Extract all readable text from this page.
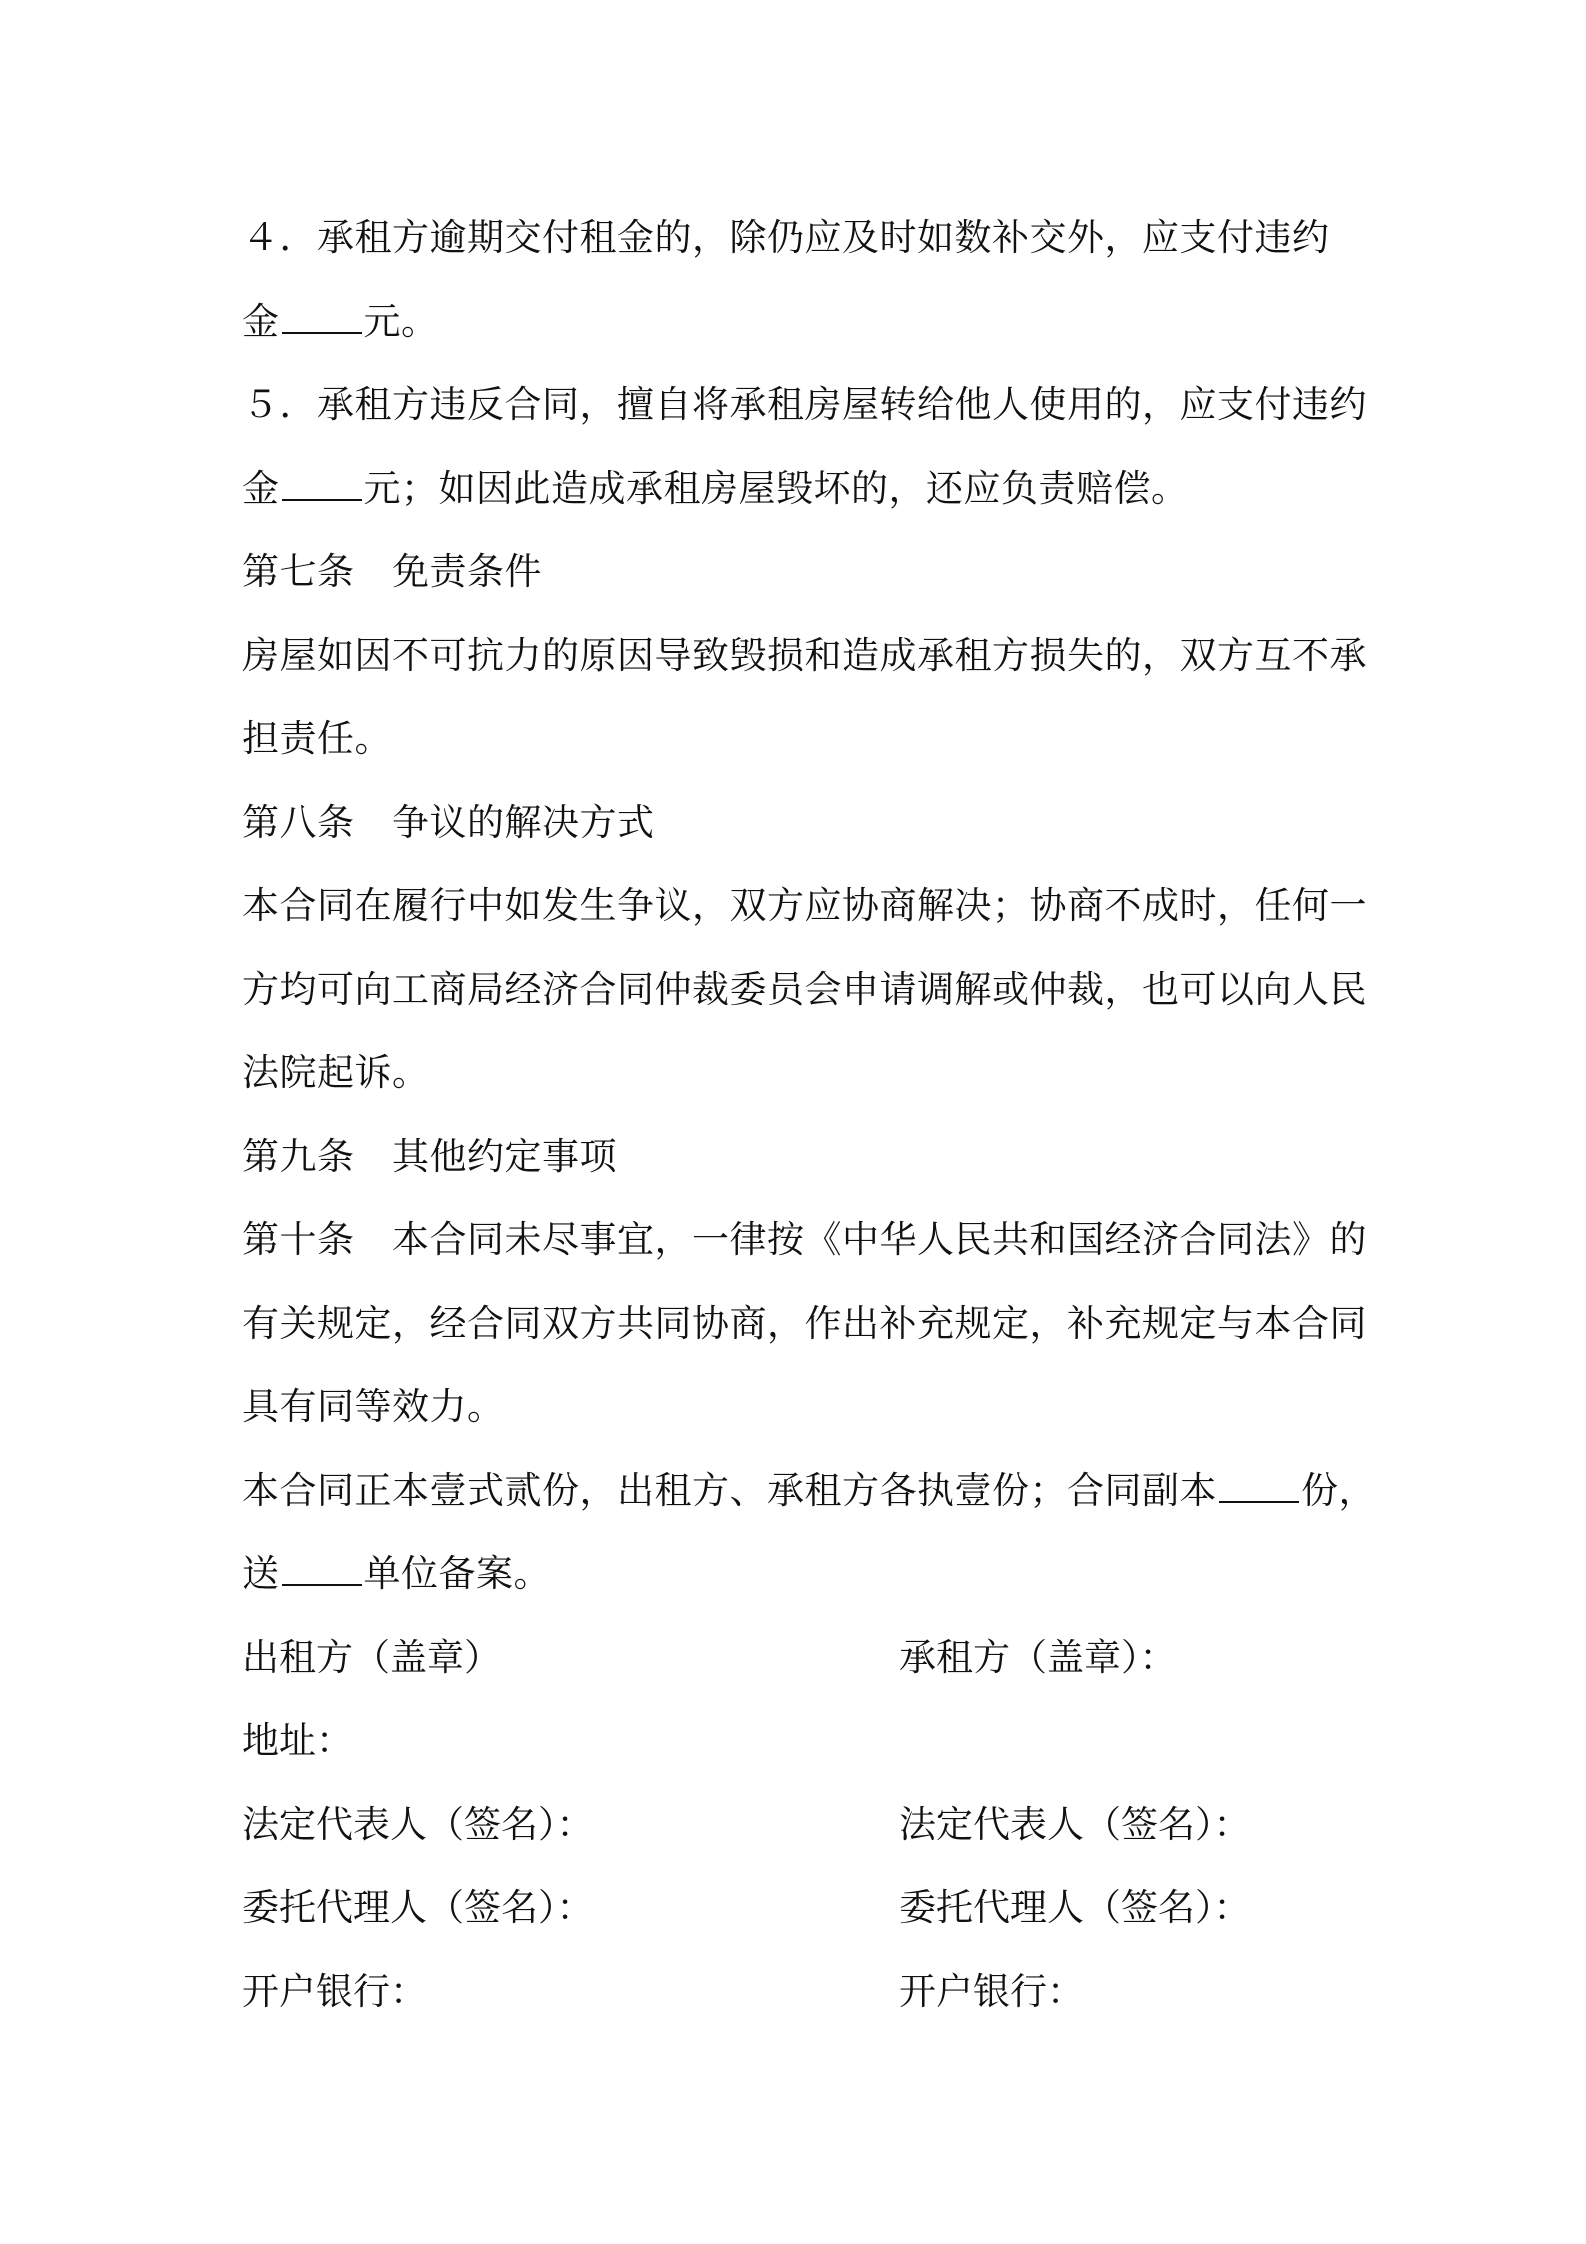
４．承租方逾期交付租金的，除仍应及时如数补交外，应支付违约
金 元。
５．承租方违反合同，擅自将承租房屋转给他人使用的，应支付违约
金 元；如因此造成承租房屋毁坏的，还应负责赔偿。
第七条　免责条件
房屋如因不可抗力的原因导致毁损和造成承租方损失的，双方互不承
担责任。
第八条　争议的解决方式
本合同在履行中如发生争议，双方应协商解决；协商不成时，任何一
方均可向工商局经济合同仲裁委员会申请调解或仲裁，也可以向人民
法院起诉。
第九条　其他约定事项
第十条　本合同未尽事宜，一律按《中华人民共和国经济合同法》的
有关规定，经合同双方共同协商，作出补充规定，补充规定与本合同
具有同等效力。
本合同正本壹式贰份，出租方、承租方各执壹份；合同副本 份，
送 单位备案。
出租方（盖章）	承租方（盖章）：
地址：
法定代表人（签名）：	法定代表人（签名）：
委托代理人（签名）：	委托代理人（签名）：
开户银行：	开户银行：
